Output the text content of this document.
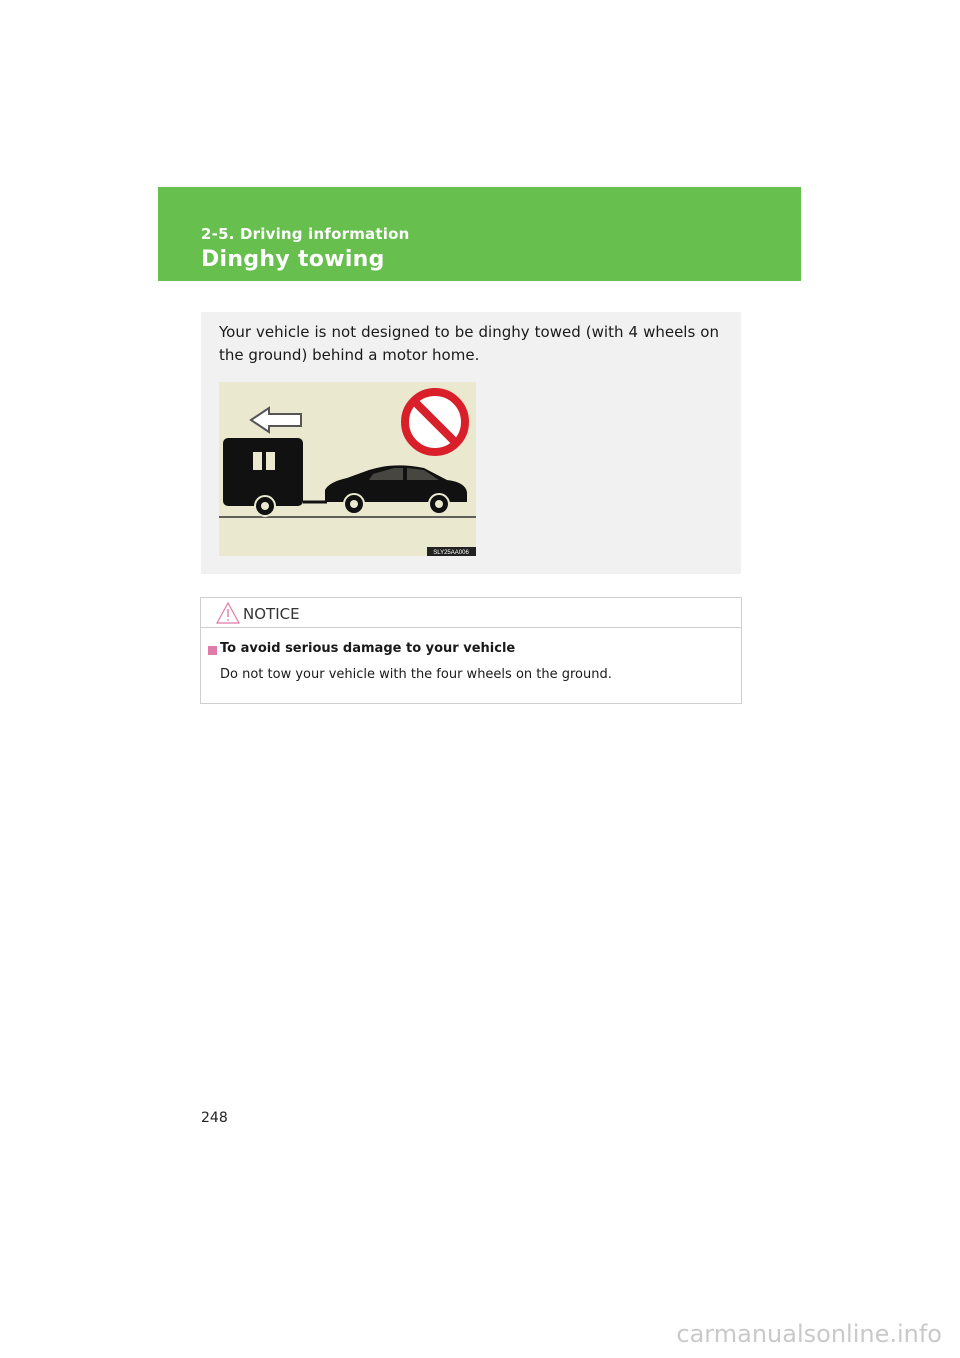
2-5. Driving information
Dinghy towing
Your vehicle is not designed to be dinghy towed (with 4 wheels on the ground) behind a motor home.
SLY25AA006
NOTICE
To avoid serious damage to your vehicle
Do not tow your vehicle with the four wheels on the ground.
248
carmanualsonline.info
